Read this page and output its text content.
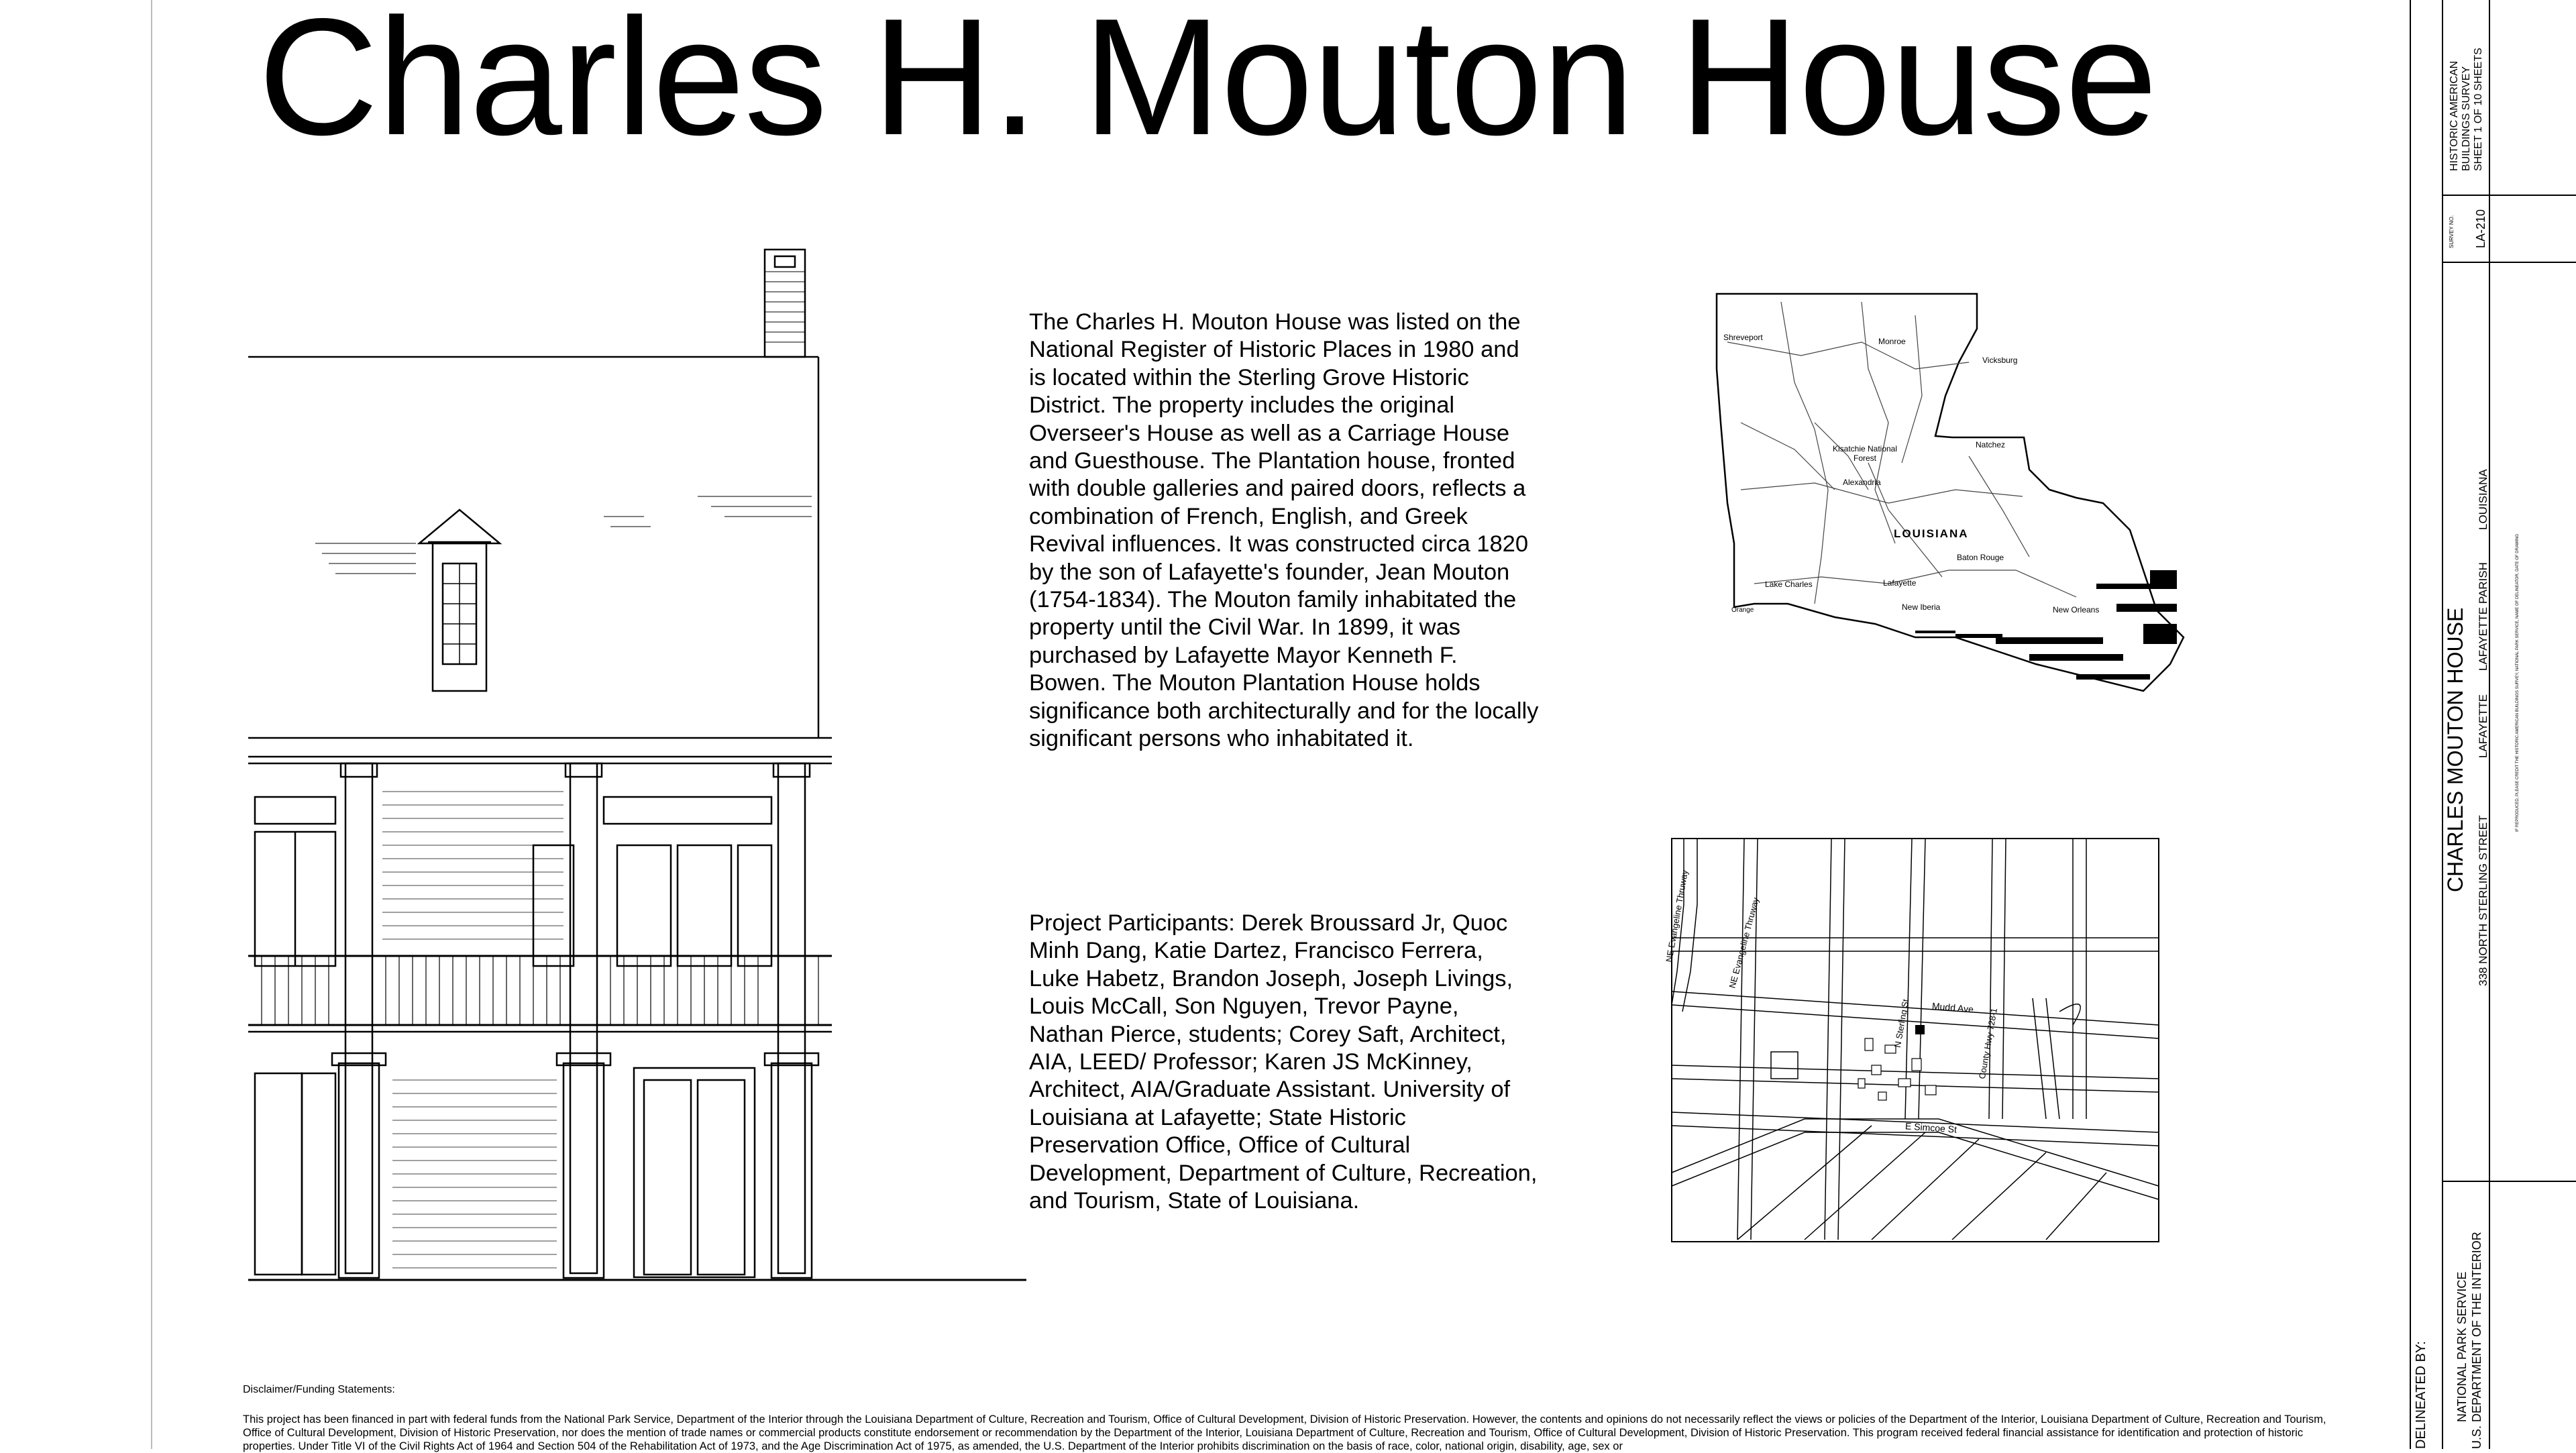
Charles H. Mouton House
The Charles H. Mouton House was listed on the National Register of Historic Places in 1980 and is located within the Sterling Grove Historic District. The property includes the original Overseer's House as well as a Carriage House and Guesthouse. The Plantation house, fronted with double galleries and paired doors, reflects a combination of French, English, and Greek Revival influences. It was constructed circa 1820 by the son of Lafayette's founder, Jean Mouton (1754-1834). The Mouton family inhabitated the property until the Civil War. In 1899, it was purchased by Lafayette Mayor Kenneth F. Bowen. The Mouton Plantation House holds significance both architecturally and for the locally significant persons who inhabitated it.
Project Participants: Derek Broussard Jr, Quoc Minh Dang, Katie Dartez, Francisco Ferrera, Luke Habetz, Brandon Joseph, Joseph Livings, Louis McCall, Son Nguyen, Trevor Payne, Nathan Pierce, students; Corey Saft, Architect, AIA, LEED/ Professor; Karen JS McKinney, Architect, AIA/Graduate Assistant. University of Louisiana at Lafayette; State Historic Preservation Office, Office of Cultural Development, Department of Culture, Recreation, and Tourism, State of Louisiana.
LOUISIANA
Shreveport	Monroe
Vicksburg
Kisatchie National Forest
Natchez
Alexandria
Baton Rouge
Lake Charles	Lafayette
New Orleans
New Iberia
Orange
NE Evangeline Thruway	NE Evangeline Thruway
Mudd Ave
N Sterling St	County Hwy 728-1
E Simcoe St
Disclaimer/Funding Statements:
This project has been financed in part with federal funds from the National Park Service, Department of the Interior through the Louisiana Department of Culture, Recreation and Tourism, Office of Cultural Development, Division of Historic Preservation. However, the contents and opinions do not necessarily reflect the views or policies of the Department of the Interior, Louisiana Department of Culture, Recreation and Tourism, Office of Cultural Development, Division of Historic Preservation, nor does the mention of trade names or commercial products constitute endorsement or recommendation by the Department of the Interior, Louisiana Department of Culture, Recreation and Tourism, Office of Cultural Development, Division of Historic Preservation. This program received federal financial assistance for identification and protection of historic properties. Under Title VI of the Civil Rights Act of 1964 and Section 504 of the Rehabilitation Act of 1973, and the Age Discrimination Act of 1975, as amended, the U.S. Department of the Interior prohibits discrimination on the basis of race, color, national origin, disability, age, sex or	DELINEATED BY:
HISTORIC AMERICAN BUILDINGS SURVEY SHEET 1 OF 10 SHEETS
SURVEY NO. LA-210
CHARLES MOUTON HOUSE
338 NORTH STERLING STREET
LAFAYETTE
LAFAYETTE PARISH
LOUISIANA
IF REPRODUCED, PLEASE CREDIT THE HISTORIC AMERICAN BUILDINGS SURVEY, NATIONAL PARK SERVICE, NAME OF DELINEATOR, DATE OF DRAWING
NATIONAL PARK SERVICE U.S. DEPARTMENT OF THE INTERIOR
